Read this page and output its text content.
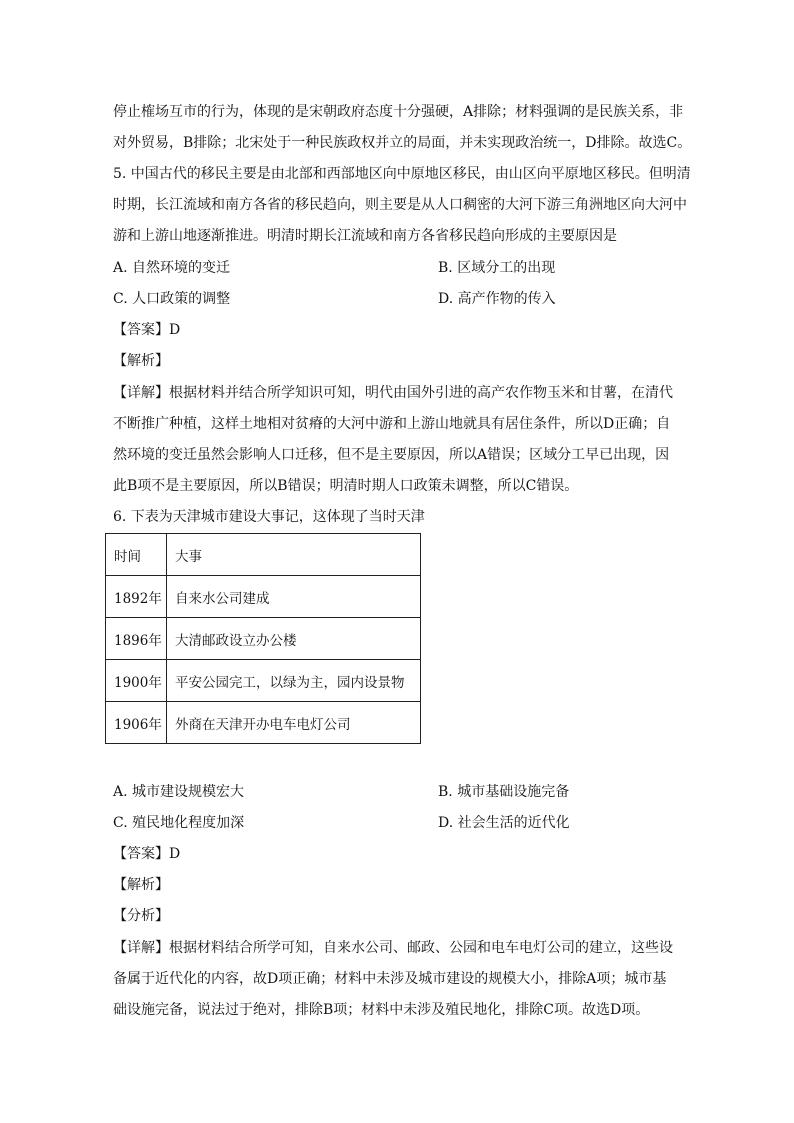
停止榷场互市的行为，体现的是宋朝政府态度十分强硬，A排除；材料强调的是民族关系，非
对外贸易，B排除；北宋处于一种民族政权并立的局面，并未实现政治统一，D排除。故选C。
5. 中国古代的移民主要是由北部和西部地区向中原地区移民，由山区向平原地区移民。但明清
时期，长江流域和南方各省的移民趋向，则主要是从人口稠密的大河下游三角洲地区向大河中
游和上游山地逐渐推进。明清时期长江流域和南方各省移民趋向形成的主要原因是
A. 自然环境的变迁	B. 区域分工的出现
C. 人口政策的调整	D. 高产作物的传入
【答案】D
【解析】
【详解】根据材料并结合所学知识可知，明代由国外引进的高产农作物玉米和甘薯，在清代
不断推广种植，这样土地相对贫瘠的大河中游和上游山地就具有居住条件，所以D正确；自
然环境的变迁虽然会影响人口迁移，但不是主要原因，所以A错误；区域分工早已出现，因
此B项不是主要原因，所以B错误；明清时期人口政策未调整，所以C错误。
6. 下表为天津城市建设大事记，这体现了当时天津
时间	大事
1892年	自来水公司建成
1896年	大清邮政设立办公楼
1900年	平安公园完工，以绿为主，园内设景物
1906年	外商在天津开办电车电灯公司
A. 城市建设规模宏大	B. 城市基础设施完备
C. 殖民地化程度加深	D. 社会生活的近代化
【答案】D
【解析】
【分析】
【详解】根据材料结合所学可知，自来水公司、邮政、公园和电车电灯公司的建立，这些设
备属于近代化的内容，故D项正确；材料中未涉及城市建设的规模大小，排除A项；城市基
础设施完备，说法过于绝对，排除B项；材料中未涉及殖民地化，排除C项。故选D项。
